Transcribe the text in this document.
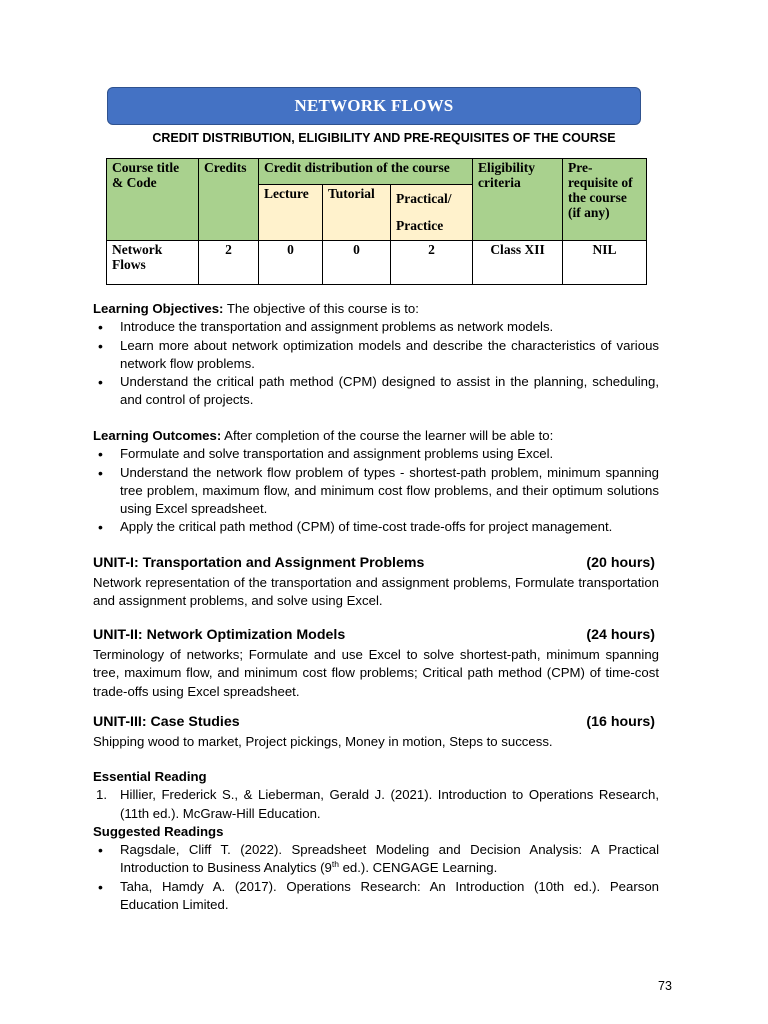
NETWORK FLOWS
CREDIT DISTRIBUTION, ELIGIBILITY AND PRE-REQUISITES OF THE COURSE
Course title & Code	Credits	Credit distribution of the course			Eligibility criteria	Pre-requisite of the course (if any)
		Lecture	Tutorial	Practical/
Practice		
Network Flows	2	0	0	2	Class XII	NIL
Learning Objectives: The objective of this course is to:
• Introduce the transportation and assignment problems as network models.
• Learn more about network optimization models and describe the characteristics of various network flow problems.
• Understand the critical path method (CPM) designed to assist in the planning, scheduling, and control of projects.
Learning Outcomes: After completion of the course the learner will be able to:
• Formulate and solve transportation and assignment problems using Excel.
• Understand the network flow problem of types - shortest-path problem, minimum spanning tree problem, maximum flow, and minimum cost flow problems, and their optimum solutions using Excel spreadsheet.
• Apply the critical path method (CPM) of time-cost trade-offs for project management.
UNIT-I: Transportation and Assignment Problems	(20 hours)
Network representation of the transportation and assignment problems, Formulate transportation and assignment problems, and solve using Excel.
UNIT-II: Network Optimization Models	(24 hours)
Terminology of networks; Formulate and use Excel to solve shortest-path, minimum spanning tree, maximum flow, and minimum cost flow problems; Critical path method (CPM) of time-cost trade-offs using Excel spreadsheet.
UNIT-III: Case Studies	(16 hours)
Shipping wood to market, Project pickings, Money in motion, Steps to success.
Essential Reading
1. Hillier, Frederick S., & Lieberman, Gerald J. (2021). Introduction to Operations Research, (11th ed.). McGraw-Hill Education.
Suggested Readings
• Ragsdale, Cliff T. (2022). Spreadsheet Modeling and Decision Analysis: A Practical Introduction to Business Analytics (9th ed.). CENGAGE Learning.
• Taha, Hamdy A. (2017). Operations Research: An Introduction (10th ed.). Pearson Education Limited.
73
